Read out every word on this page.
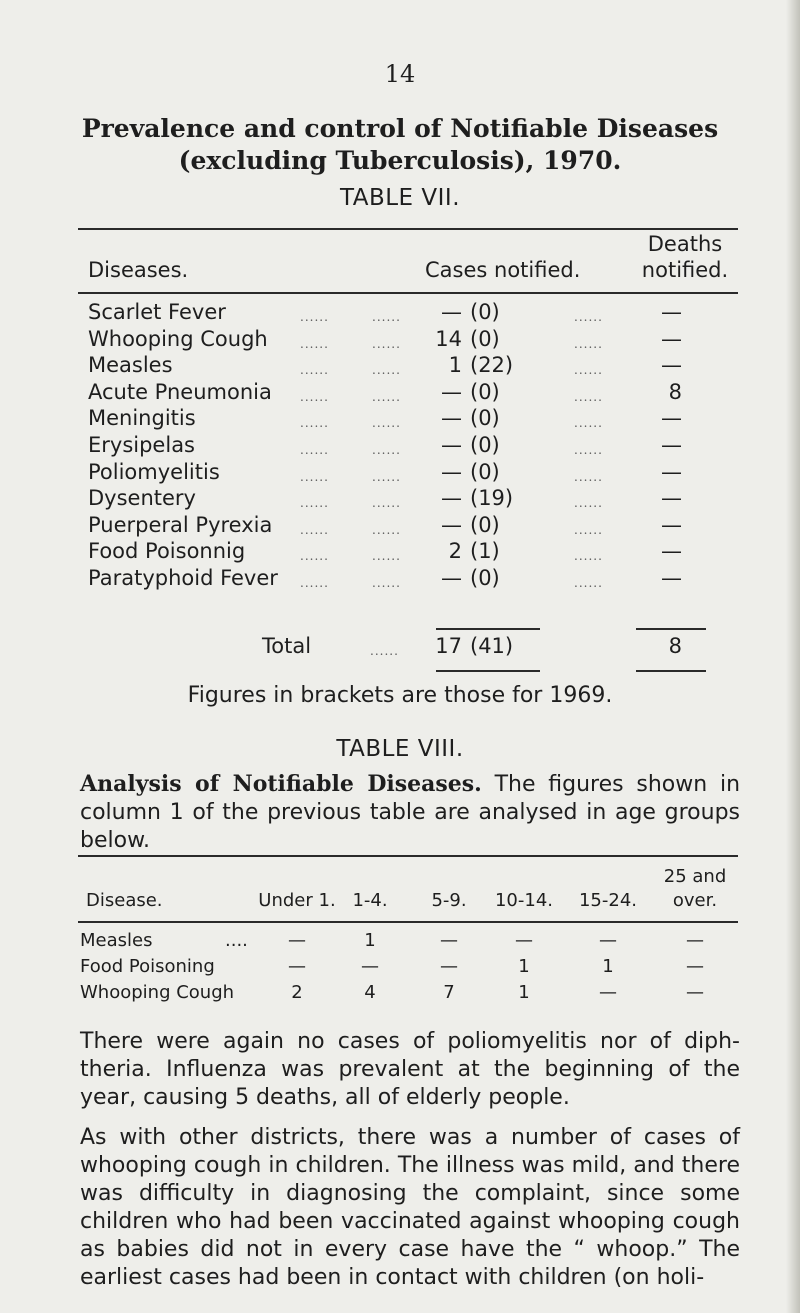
14
Prevalence and control of Notifiable Diseases
(excluding Tuberculosis), 1970.
TABLE VII.
Diseases.	Cases notified.
Deaths
notified.
Scarlet Fever	......	......	— (0)	......	—
Whooping Cough	......	......	14 (0)	......	—
Measles	......	......	1 (22)	......	—
Acute Pneumonia ......	......	— (0)	......	8
Meningitis	......	......	— (0)	......	—
Erysipelas	......	......	— (0)	......	—
Poliomyelitis	......	......	— (0)	......	—
Dysentery	......	......	— (19)	......	—
Puerperal Pyrexia ......	......	— (0)	......	—
Food Poisonnig	......	......	2 (1)	......	—
Paratyphoid Fever ......	......	— (0)	......	—
Total	......	17 (41)	8
Figures in brackets are those for 1969.
TABLE VIII.
Analysis of Notifiable Diseases. The figures shown in column 1 of the previous table are analysed in age groups below.
25 and
Disease.	Under 1. 1-4.	5-9.	10-14.	15-24.	over.
Measles	....	—	1	—	—	—	—
Food Poisoning	—	—	—	1	1	—
Whooping Cough	2	4	7	1	—	—
There were again no cases of poliomyelitis nor of diph-theria. Influenza was prevalent at the beginning of the year, causing 5 deaths, all of elderly people.
As with other districts, there was a number of cases of whooping cough in children. The illness was mild, and there was difficulty in diagnosing the complaint, since some children who had been vaccinated against whooping cough as babies did not in every case have the “ whoop.” The earliest cases had been in contact with children (on holi-
